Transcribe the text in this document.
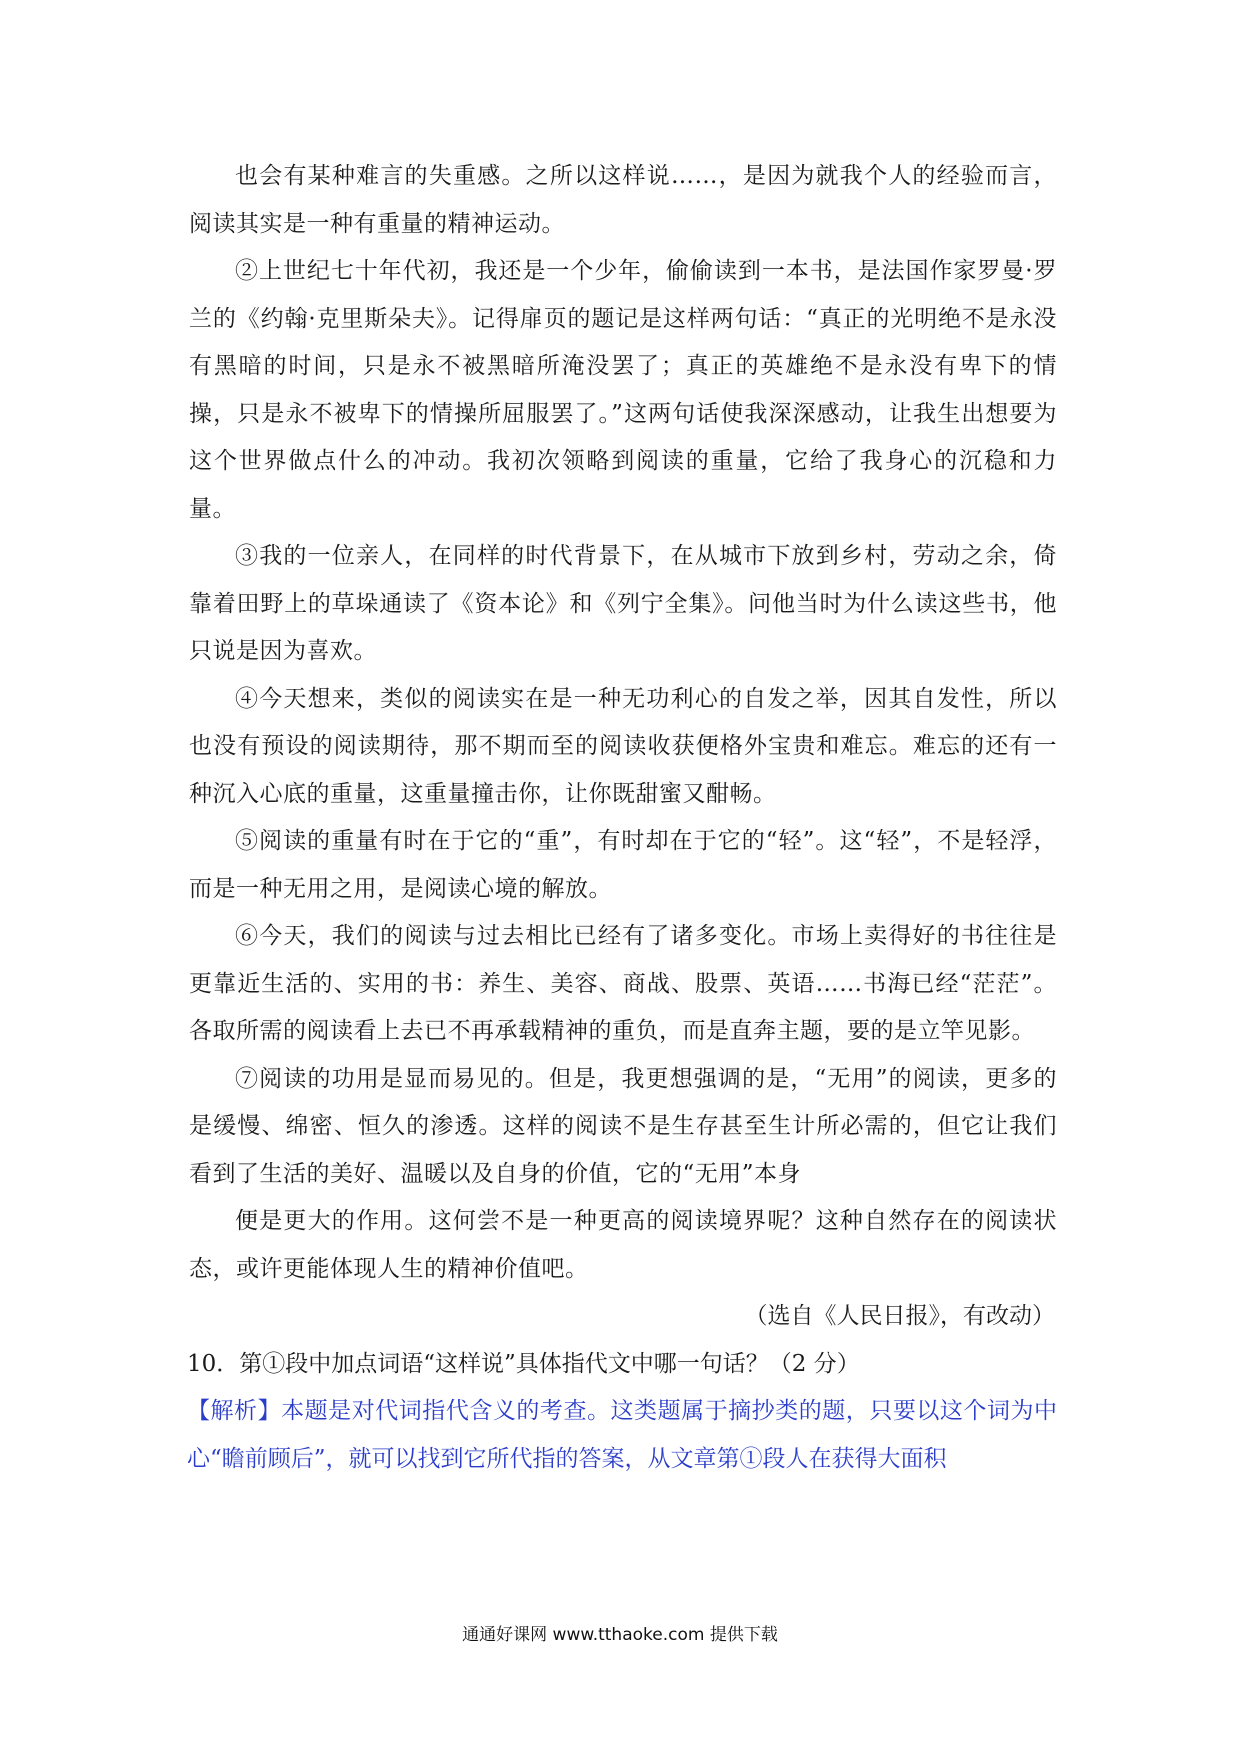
也会有某种难言的失重感。之所以这样说……，是因为就我个人的经验而言，阅读其实是一种有重量的精神运动。

②上世纪七十年代初，我还是一个少年，偷偷读到一本书，是法国作家罗曼·罗兰的《约翰·克里斯朵夫》。记得扉页的题记是这样两句话：“真正的光明绝不是永没有黑暗的时间，只是永不被黑暗所淹没罢了；真正的英雄绝不是永没有卑下的情操，只是永不被卑下的情操所屈服罢了。”这两句话使我深深感动，让我生出想要为这个世界做点什么的冲动。我初次领略到阅读的重量，它给了我身心的沉稳和力量。

③我的一位亲人，在同样的时代背景下，在从城市下放到乡村，劳动之余，倚靠着田野上的草垛通读了《资本论》和《列宁全集》。问他当时为什么读这些书，他只说是因为喜欢。

④今天想来，类似的阅读实在是一种无功利心的自发之举，因其自发性，所以也没有预设的阅读期待，那不期而至的阅读收获便格外宝贵和难忘。难忘的还有一种沉入心底的重量，这重量撞击你，让你既甜蜜又酣畅。

⑤阅读的重量有时在于它的“重”，有时却在于它的“轻”。这“轻”，不是轻浮，而是一种无用之用，是阅读心境的解放。

⑥今天，我们的阅读与过去相比已经有了诸多变化。市场上卖得好的书往往是更靠近生活的、实用的书：养生、美容、商战、股票、英语……书海已经“茫茫”。各取所需的阅读看上去已不再承载精神的重负，而是直奔主题，要的是立竿见影。

⑦阅读的功用是显而易见的。但是，我更想强调的是，“无用”的阅读，更多的是缓慢、绵密、恒久的渗透。这样的阅读不是生存甚至生计所必需的，但它让我们看到了生活的美好、温暖以及自身的价值，它的“无用”本身

便是更大的作用。这何尝不是一种更高的阅读境界呢？这种自然存在的阅读状态，或许更能体现人生的精神价值吧。

（选自《人民日报》，有改动）

10．第①段中加点词语“这样说”具体指代文中哪一句话？（2 分）

【解析】本题是对代词指代含义的考查。这类题属于摘抄类的题，只要以这个词为中心“瞻前顾后”，就可以找到它所代指的答案，从文章第①段人在获得大面积

通通好课网 www.tthaoke.com 提供下载
